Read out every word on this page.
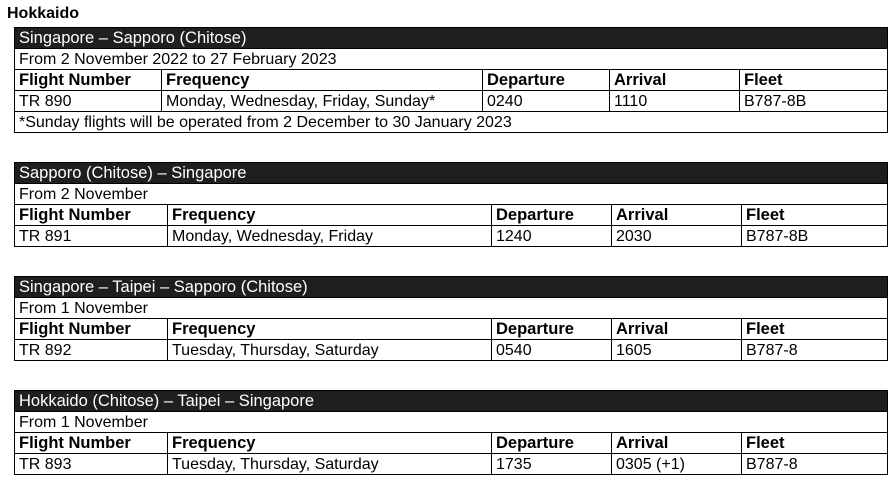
Hokkaido
Singapore – Sapporo (Chitose)				
From 2 November 2022 to 27 February 2023				
Flight Number	Frequency	Departure	Arrival	Fleet
TR 890	Monday, Wednesday, Friday, Sunday*	0240	1110	B787-8B
*Sunday flights will be operated from 2 December to 30 January 2023				
Sapporo (Chitose) – Singapore				
From 2 November				
Flight Number	Frequency	Departure	Arrival	Fleet
TR 891	Monday, Wednesday, Friday	1240	2030	B787-8B
Singapore – Taipei – Sapporo (Chitose)				
From 1 November				
Flight Number	Frequency	Departure	Arrival	Fleet
TR 892	Tuesday, Thursday, Saturday	0540	1605	B787-8
Hokkaido (Chitose) – Taipei – Singapore				
From 1 November				
Flight Number	Frequency	Departure	Arrival	Fleet
TR 893	Tuesday, Thursday, Saturday	1735	0305 (+1)	B787-8
